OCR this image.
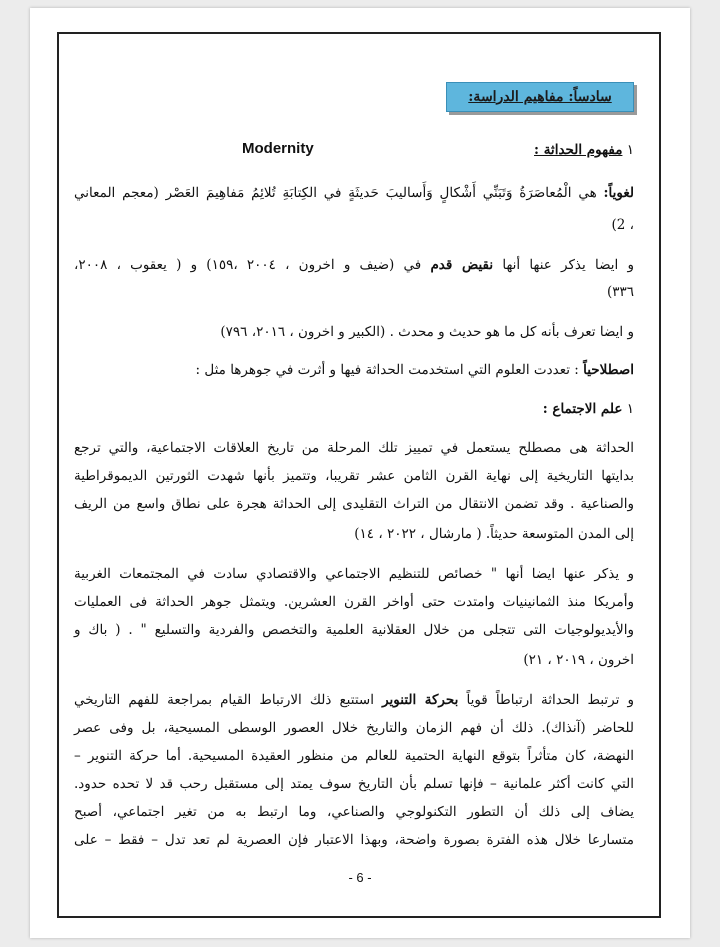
سادساً: مفاهيم الدراسة:
١ مفهوم الحداثة :
Modernity
لغوياً: هي الْمُعاصَرَةُ وَتَبَنِّي أَشْكالٍ وَأَساليبَ حَديثَةٍ في الكِتابَةِ تُلائِمُ مَفاهِيمَ العَصْر (معجم المعاني
، 2)
و ايضا يذكر عنها أنها نقيض قدم في (ضيف و اخرون ، ٢٠٠٤ ،١٥٩) و ( يعقوب ، ٢٠٠٨،
٣٣٦)
و ايضا تعرف بأنه كل ما هو حديث و محدث . (الكبير و اخرون ، ٢٠١٦، ٧٩٦)
اصطلاحياً : تعددت العلوم التي استخدمت الحداثة فيها و أثرت في جوهرها مثل :
١ علم الاجتماع :
الحداثة هى مصطلح يستعمل في تمييز تلك المرحلة من تاريخ العلاقات الاجتماعية، والتي ترجع
بدايتها التاريخية إلى نهاية القرن الثامن عشر تقريبا، وتتميز بأنها شهدت الثورتين الديموقراطية
والصناعية . وقد تضمن الانتقال من التراث التقليدى إلى الحداثة هجرة على نطاق واسع من الريف
إلى المدن المتوسعة حديثاً. ( مارشال ، ٢٠٢٢ ، ١٤)
و يذكر عنها ايضا أنها " خصائص للتنظيم الاجتماعي والاقتصادي سادت في المجتمعات الغربية
وأمريكا منذ الثمانينيات وامتدت حتى أواخر القرن العشرين. ويتمثل جوهر الحداثة فى العمليات
والأيديولوجيات التى تتجلى من خلال العقلانية العلمية والتخصص والفردية والتسليع " . ( باك و
اخرون ، ٢٠١٩ ، ٢١)
و ترتبط الحداثة ارتباطاً قوياً بحركة التنوير استتبع ذلك الارتباط القيام بمراجعة للفهم التاريخي
للحاضر (آنذاك). ذلك أن فهم الزمان والتاريخ خلال العصور الوسطى المسيحية، بل وفى عصر
النهضة، كان متأثراً بتوقع النهاية الحتمية للعالم من منظور العقيدة المسيحية. أما حركة التنوير –
التي كانت أكثر علمانية – فإنها تسلم بأن التاريخ سوف يمتد إلى مستقبل رحب قد لا تحده حدود.
يضاف إلى ذلك أن التطور التكنولوجي والصناعي، وما ارتبط به من تغير اجتماعي، أصبح
متسارعا خلال هذه الفترة بصورة واضحة، وبهذا الاعتبار فإن العصرية لم تعد تدل – فقط – على
- 6 -
